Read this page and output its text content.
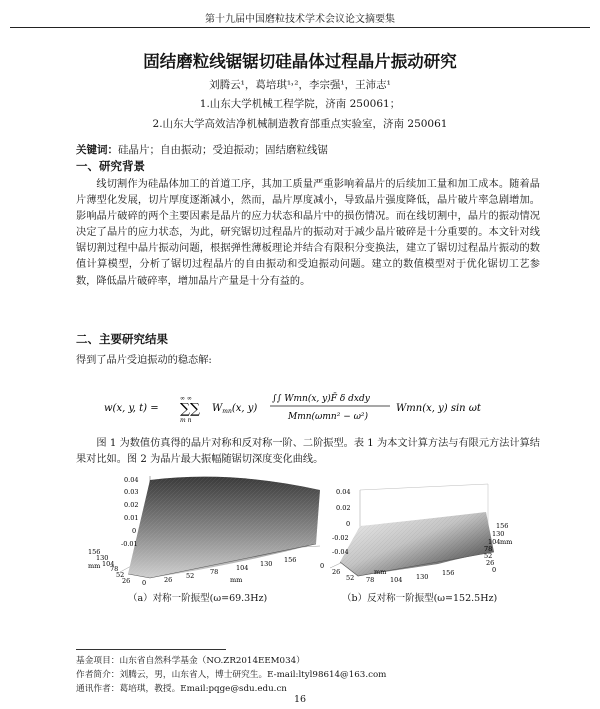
第十九届中国磨粒技术学术会议论文摘要集
固结磨粒线锯锯切硅晶体过程晶片振动研究
刘腾云¹，葛培琪¹˒²，李宗强¹，王沛志¹
1.山东大学机械工程学院，济南 250061；
2.山东大学高效洁净机械制造教育部重点实验室，济南 250061
关键词：硅晶片；自由振动；受迫振动；固结磨粒线锯
一、研究背景

线切割作为硅晶体加工的首道工序，其加工质量严重影响着晶片的后续加工量和加工成本。随着晶片薄型化发展，切片厚度逐渐减小，然而，晶片厚度减小，导致晶片强度降低，晶片破片率急剧增加。影响晶片破碎的两个主要因素是晶片的应力状态和晶片中的损伤情况。而在线切割中，晶片的振动情况决定了晶片的应力状态，为此，研究锯切过程晶片的振动对于减少晶片破碎是十分重要的。本文针对线锯切割过程中晶片振动问题，根据弹性薄板理论并结合有限积分变换法，建立了锯切过程晶片振动的数值计算模型，分析了锯切过程晶片的自由振动和受迫振动问题。建立的数值模型对于优化锯切工艺参数，降低晶片破碎率，增加晶片产量是十分有益的。

二、主要研究结果
得到了晶片受迫振动的稳态解:
w(x, y, t) = ∑∑
∞ ∞
m n
$W_{mn}(x$, y)
∫∫ Wmn(x, y)F̄ δ dxdy
Mmn(ωmn² − ω²)
Wmn(x, y) sin ωt

图 1 为数值仿真得的晶片对称和反对称一阶、二阶振型。表 1 为本文计算方法与有限元方法计算结果对比如。图 2 为晶片最大振幅随锯切深度变化曲线。

0.04
0.03
0.02
0.01
0
-0.01
156
130
104
78
52
26
mm
0	26 52 78	104 130 156
mm
（a）对称一阶振型(ω=69.3Hz)
0.04
0.02
0
-0.02
-0.04
156
130
104
78
52
26
0
mm
0
26
52 78 104 130 156
mm
（b）反对称一阶振型(ω=152.5Hz)
基金项目：山东省自然科学基金（NO.ZR2014EEM034）
作者简介：刘腾云，男，山东省人，博士研究生。E-mail:ltyl98614@163.com
通讯作者：葛培琪，教授。Email:pqge@sdu.edu.cn
16
